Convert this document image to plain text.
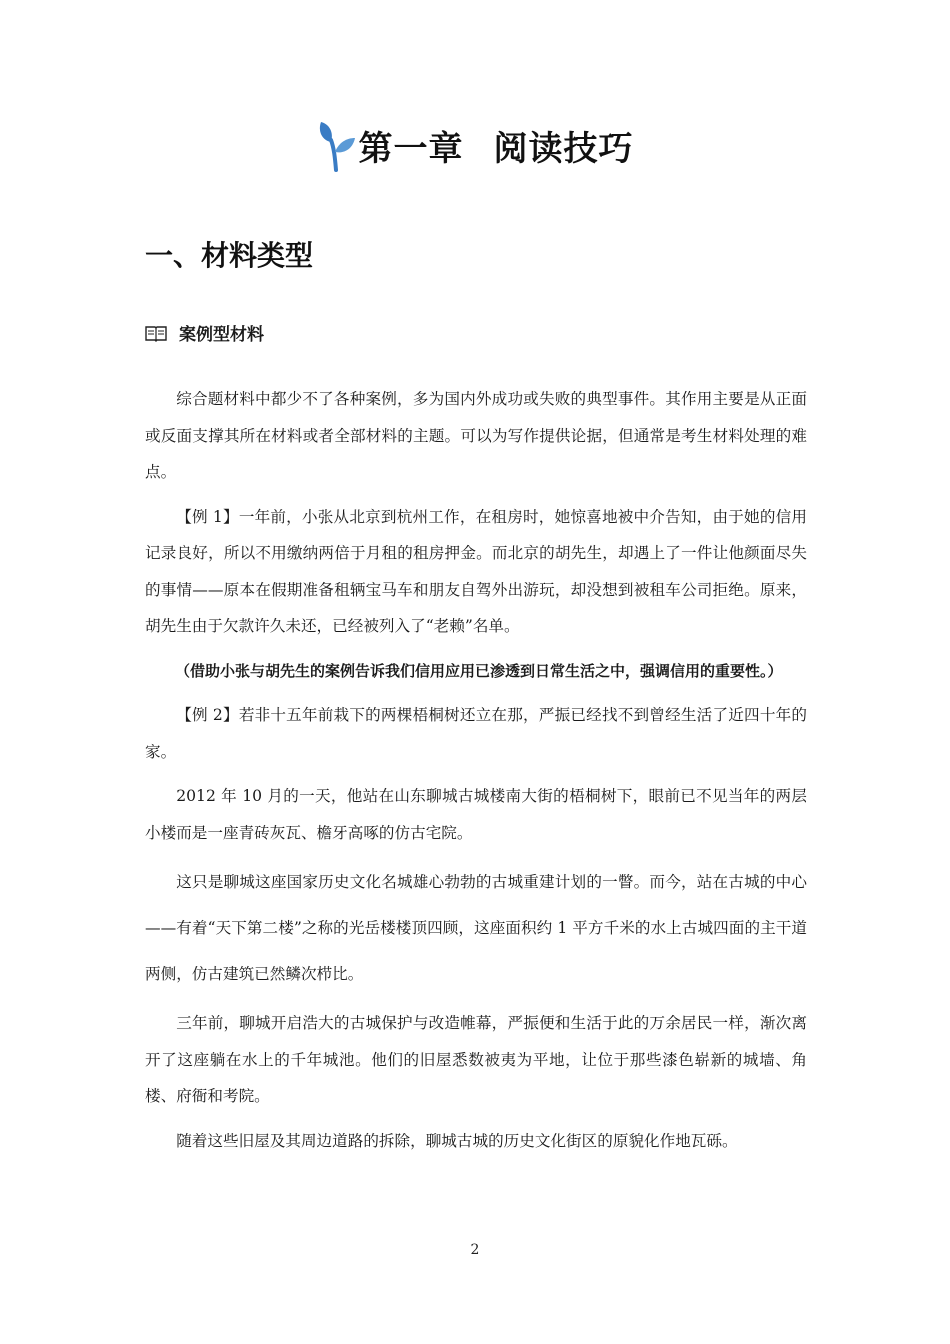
第一章 阅读技巧
一、材料类型
案例型材料

综合题材料中都少不了各种案例，多为国内外成功或失败的典型事件。其作用主要是从正面或反面支撑其所在材料或者全部材料的主题。可以为写作提供论据，但通常是考生材料处理的难点。

【例 1】一年前，小张从北京到杭州工作，在租房时，她惊喜地被中介告知，由于她的信用记录良好，所以不用缴纳两倍于月租的租房押金。而北京的胡先生，却遇上了一件让他颜面尽失的事情——原本在假期准备租辆宝马车和朋友自驾外出游玩，却没想到被租车公司拒绝。原来，胡先生由于欠款许久未还，已经被列入了“老赖”名单。

（借助小张与胡先生的案例告诉我们信用应用已渗透到日常生活之中，强调信用的重要性。）

【例 2】若非十五年前栽下的两棵梧桐树还立在那，严振已经找不到曾经生活了近四十年的家。

2012 年 10 月的一天，他站在山东聊城古城楼南大街的梧桐树下，眼前已不见当年的两层小楼而是一座青砖灰瓦、檐牙高啄的仿古宅院。

这只是聊城这座国家历史文化名城雄心勃勃的古城重建计划的一瞥。而今，站在古城的中心——有着“天下第二楼”之称的光岳楼楼顶四顾，这座面积约 1 平方千米的水上古城四面的主干道两侧，仿古建筑已然鳞次栉比。

三年前，聊城开启浩大的古城保护与改造帷幕，严振便和生活于此的万余居民一样，渐次离开了这座躺在水上的千年城池。他们的旧屋悉数被夷为平地，让位于那些漆色崭新的城墙、角楼、府衙和考院。

随着这些旧屋及其周边道路的拆除，聊城古城的历史文化街区的原貌化作地瓦砾。

2
